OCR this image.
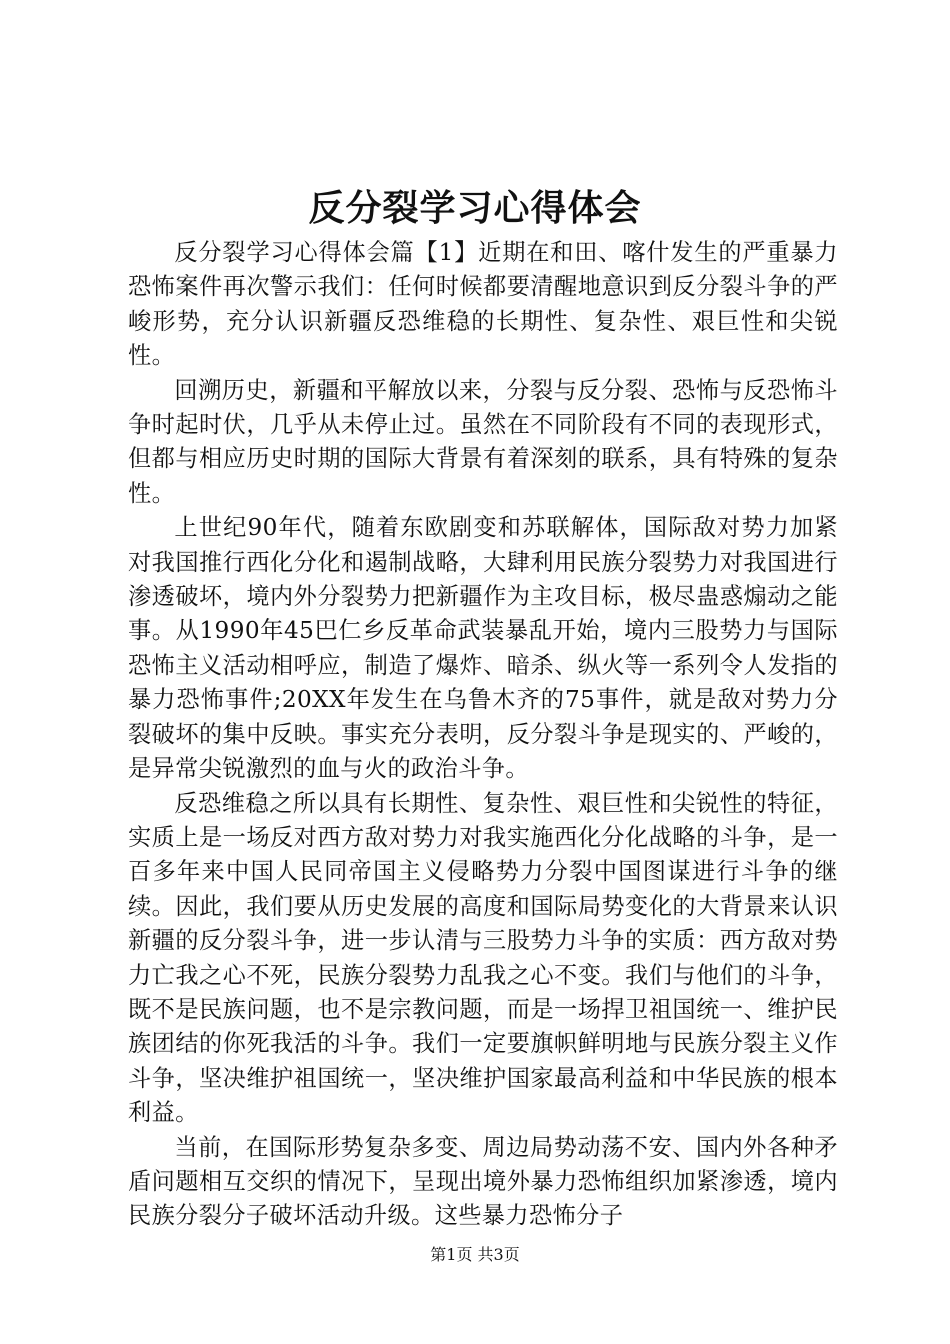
反分裂学习心得体会

反分裂学习心得体会篇【1】近期在和田、喀什发生的严重暴力恐怖案件再次警示我们：任何时候都要清醒地意识到反分裂斗争的严峻形势，充分认识新疆反恐维稳的长期性、复杂性、艰巨性和尖锐性。

回溯历史，新疆和平解放以来，分裂与反分裂、恐怖与反恐怖斗争时起时伏，几乎从未停止过。虽然在不同阶段有不同的表现形式，但都与相应历史时期的国际大背景有着深刻的联系，具有特殊的复杂性。

上世纪90年代，随着东欧剧变和苏联解体，国际敌对势力加紧对我国推行西化分化和遏制战略，大肆利用民族分裂势力对我国进行渗透破坏，境内外分裂势力把新疆作为主攻目标，极尽蛊惑煽动之能事。从1990年45巴仁乡反革命武装暴乱开始，境内三股势力与国际恐怖主义活动相呼应，制造了爆炸、暗杀、纵火等一系列令人发指的暴力恐怖事件;20XX年发生在乌鲁木齐的75事件，就是敌对势力分裂破坏的集中反映。事实充分表明，反分裂斗争是现实的、严峻的，是异常尖锐激烈的血与火的政治斗争。

反恐维稳之所以具有长期性、复杂性、艰巨性和尖锐性的特征，实质上是一场反对西方敌对势力对我实施西化分化战略的斗争，是一百多年来中国人民同帝国主义侵略势力分裂中国图谋进行斗争的继续。因此，我们要从历史发展的高度和国际局势变化的大背景来认识新疆的反分裂斗争，进一步认清与三股势力斗争的实质：西方敌对势力亡我之心不死，民族分裂势力乱我之心不变。我们与他们的斗争，既不是民族问题，也不是宗教问题，而是一场捍卫祖国统一、维护民族团结的你死我活的斗争。我们一定要旗帜鲜明地与民族分裂主义作斗争，坚决维护祖国统一，坚决维护国家最高利益和中华民族的根本利益。

当前，在国际形势复杂多变、周边局势动荡不安、国内外各种矛盾问题相互交织的情况下，呈现出境外暴力恐怖组织加紧渗透，境内民族分裂分子破坏活动升级。这些暴力恐怖分子

第1页 共3页
